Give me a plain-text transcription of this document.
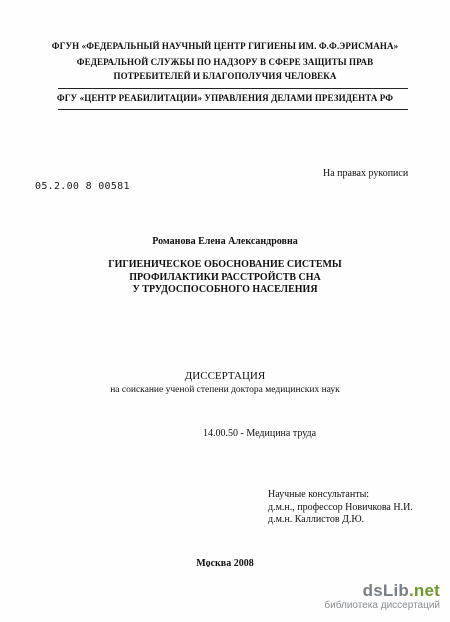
ФГУН «ФЕДЕРАЛЬНЫЙ НАУЧНЫЙ ЦЕНТР ГИГИЕНЫ ИМ. Ф.Ф.ЭРИСМАНА»
ФЕДЕРАЛЬНОЙ СЛУЖБЫ ПО НАДЗОРУ В СФЕРЕ ЗАЩИТЫ ПРАВ
ПОТРЕБИТЕЛЕЙ И БЛАГОПОЛУЧИЯ ЧЕЛОВЕКА
ФГУ «ЦЕНТР РЕАБИЛИТАЦИИ» УПРАВЛЕНИЯ ДЕЛАМИ ПРЕЗИДЕНТА РФ
05.2.00 8 00581
На правах рукописи
Романова Елена Александровна
ГИГИЕНИЧЕСКОЕ ОБОСНОВАНИЕ СИСТЕМЫ
ПРОФИЛАКТИКИ РАССТРОЙСТВ СНА
У ТРУДОСПОСОБНОГО НАСЕЛЕНИЯ
ДИССЕРТАЦИЯ
на соискание ученой степени доктора медицинских наук
14.00.50 - Медицина труда
Научные консультанты:
д.м.н., профессор Новичкова Н.И.
д.м.н. Каллистов Д.Ю.
Москва 2008
dsLib.net
библиотека диссертаций
